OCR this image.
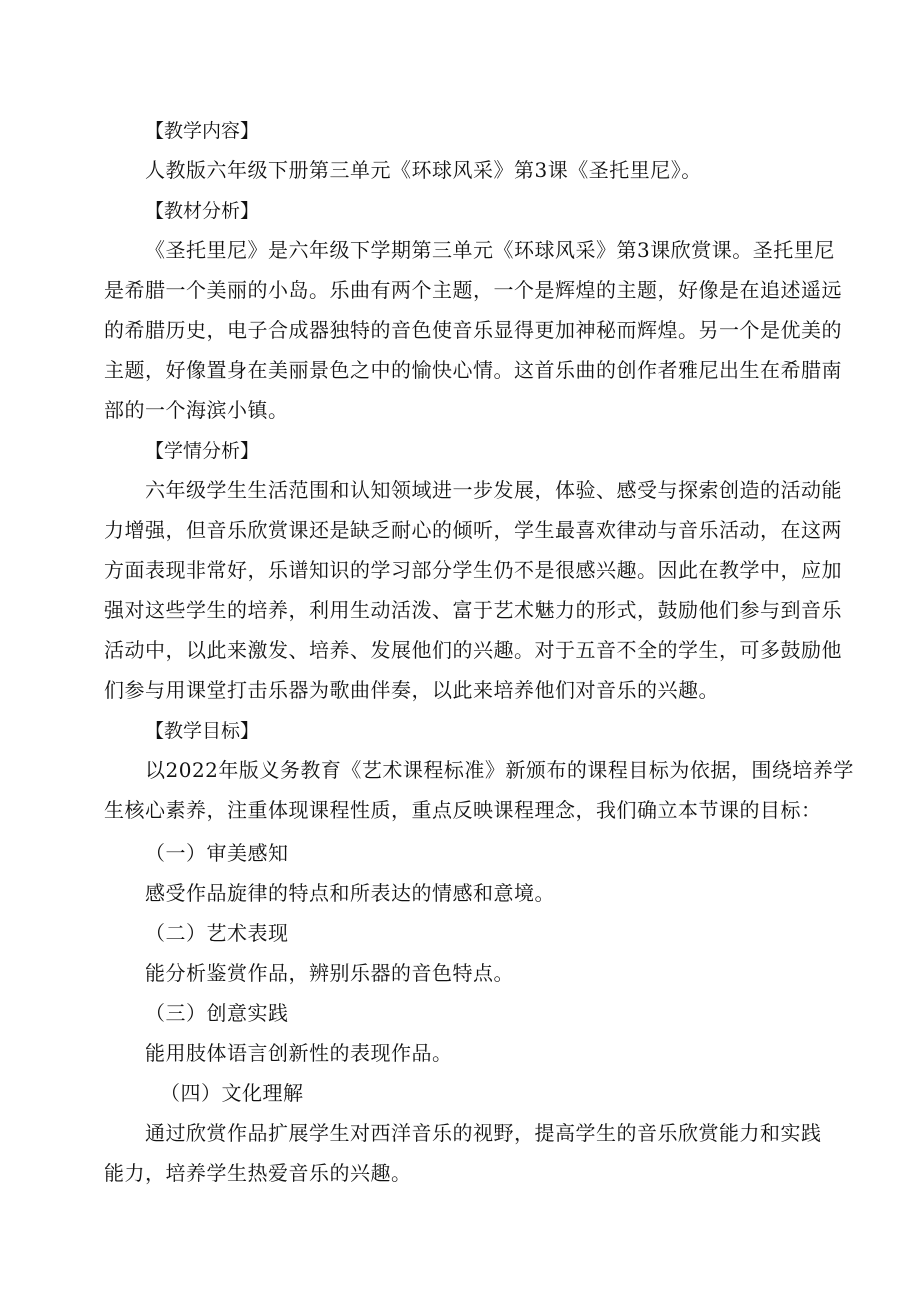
【教学内容】
人教版六年级下册第三单元《环球风采》第3课《圣托里尼》。
【教材分析】
《圣托里尼》是六年级下学期第三单元《环球风采》第3课欣赏课。圣托里尼
是希腊一个美丽的小岛。乐曲有两个主题，一个是辉煌的主题，好像是在追述遥远
的希腊历史，电子合成器独特的音色使音乐显得更加神秘而辉煌。另一个是优美的
主题，好像置身在美丽景色之中的愉快心情。这首乐曲的创作者雅尼出生在希腊南
部的一个海滨小镇。
【学情分析】
六年级学生生活范围和认知领域进一步发展，体验、感受与探索创造的活动能
力增强，但音乐欣赏课还是缺乏耐心的倾听，学生最喜欢律动与音乐活动，在这两
方面表现非常好，乐谱知识的学习部分学生仍不是很感兴趣。因此在教学中，应加
强对这些学生的培养，利用生动活泼、富于艺术魅力的形式，鼓励他们参与到音乐
活动中，以此来激发、培养、发展他们的兴趣。对于五音不全的学生，可多鼓励他
们参与用课堂打击乐器为歌曲伴奏，以此来培养他们对音乐的兴趣。
【教学目标】
以2022年版义务教育《艺术课程标准》新颁布的课程目标为依据，围绕培养学
生核心素养，注重体现课程性质，重点反映课程理念，我们确立本节课的目标：
（一）审美感知
感受作品旋律的特点和所表达的情感和意境。
（二）艺术表现
能分析鉴赏作品，辨别乐器的音色特点。
（三）创意实践
能用肢体语言创新性的表现作品。
（四）文化理解
通过欣赏作品扩展学生对西洋音乐的视野，提高学生的音乐欣赏能力和实践
能力，培养学生热爱音乐的兴趣。
